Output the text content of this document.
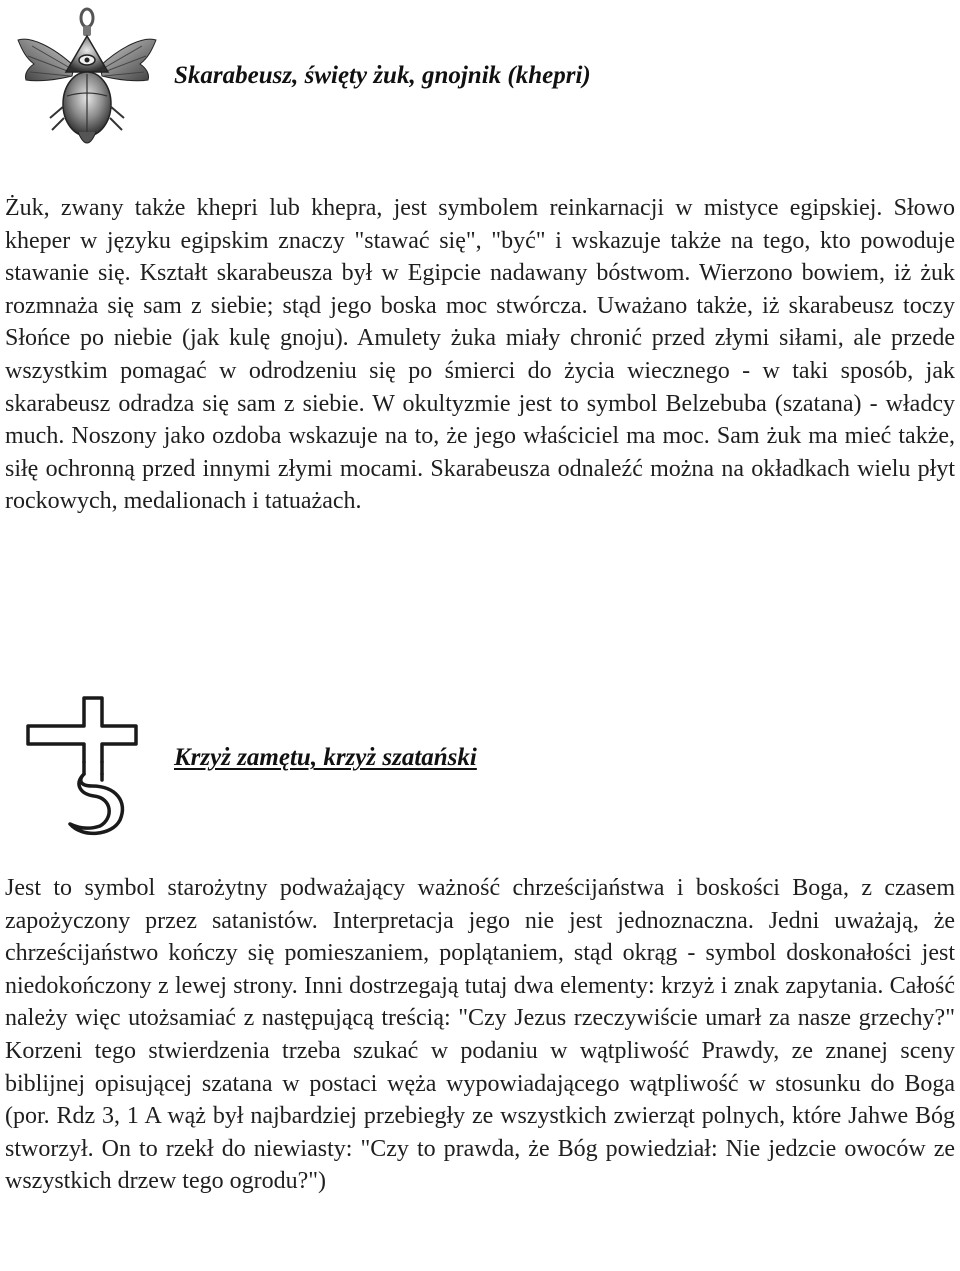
Skarabeusz, święty żuk, gnojnik (khepri)

Żuk, zwany także khepri lub khepra, jest symbolem reinkarnacji w mistyce egipskiej. Słowo kheper w języku egipskim znaczy "stawać się", "być" i wskazuje także na tego, kto powoduje stawanie się. Kształt skarabeusza był w Egipcie nadawany bóstwom. Wierzono bowiem, iż żuk rozmnaża się sam z siebie; stąd jego boska moc stwórcza. Uważano także, iż skarabeusz toczy Słońce po niebie (jak kulę gnoju). Amulety żuka miały chronić przed złymi siłami, ale przede wszystkim pomagać w odrodzeniu się po śmierci do życia wiecznego - w taki sposób, jak skarabeusz odradza się sam z siebie. W okultyzmie jest to symbol Belzebuba (szatana) - władcy much. Noszony jako ozdoba wskazuje na to, że jego właściciel ma moc. Sam żuk ma mieć także, siłę ochronną przed innymi złymi mocami. Skarabeusza odnaleźć można na okładkach wielu płyt rockowych, medalionach i tatuażach.

Krzyż zamętu, krzyż szatański

Jest to symbol starożytny podważający ważność chrześcijaństwa i boskości Boga, z czasem zapożyczony przez satanistów. Interpretacja jego nie jest jednoznaczna. Jedni uważają, że chrześcijaństwo kończy się pomieszaniem, poplątaniem, stąd okrąg - symbol doskonałości jest niedokończony z lewej strony. Inni dostrzegają tutaj dwa elementy: krzyż i znak zapytania. Całość należy więc utożsamiać z następującą treścią: "Czy Jezus rzeczywiście umarł za nasze grzechy?" Korzeni tego stwierdzenia trzeba szukać w podaniu w wątpliwość Prawdy, ze znanej sceny biblijnej opisującej szatana w postaci węża wypowiadającego wątpliwość w stosunku do Boga (por. Rdz 3, 1 A wąż był najbardziej przebiegły ze wszystkich zwierząt polnych, które Jahwe Bóg stworzył. On to rzekł do niewiasty: "Czy to prawda, że Bóg powiedział: Nie jedzcie owoców ze wszystkich drzew tego ogrodu?")
